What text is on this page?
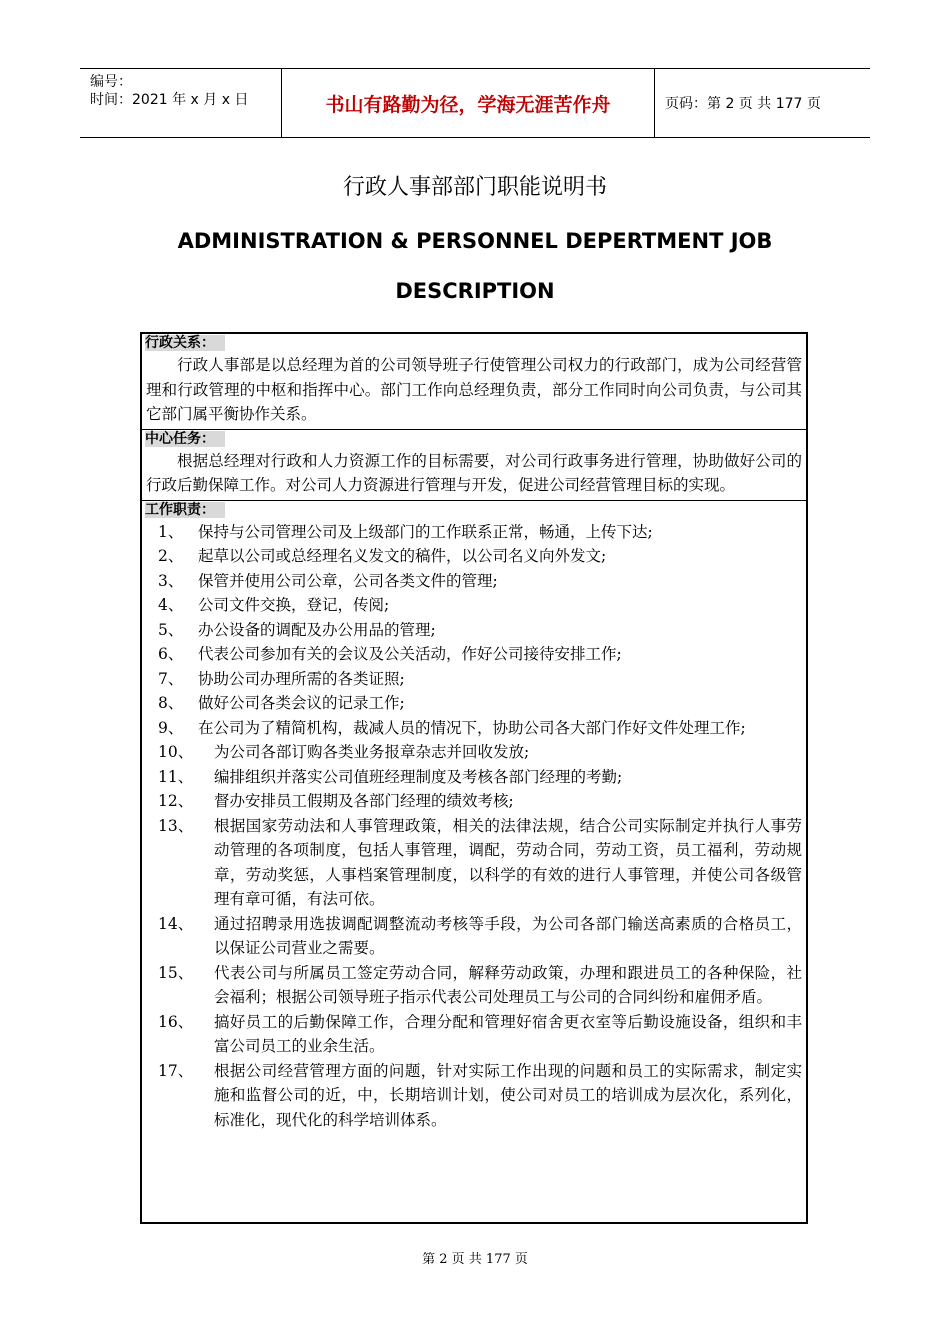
编号：
时间：2021 年 x 月 x 日	书山有路勤为径，学海无涯苦作舟	页码：第 2 页 共 177 页
行政人事部部门职能说明书
ADMINISTRATION & PERSONNEL DEPERTMENT JOB DESCRIPTION
行政关系：
行政人事部是以总经理为首的公司领导班子行使管理公司权力的行政部门，成为公司经营管理和行政管理的中枢和指挥中心。部门工作向总经理负责，部分工作同时向公司负责，与公司其它部门属平衡协作关系。
中心任务：
根据总经理对行政和人力资源工作的目标需要，对公司行政事务进行管理，协助做好公司的行政后勤保障工作。对公司人力资源进行管理与开发，促进公司经营管理目标的实现。
工作职责：
1、 保持与公司管理公司及上级部门的工作联系正常，畅通，上传下达;
2、 起草以公司或总经理名义发文的稿件，以公司名义向外发文;
3、 保管并使用公司公章，公司各类文件的管理;
4、 公司文件交换，登记，传阅;
5、 办公设备的调配及办公用品的管理;
6、 代表公司参加有关的会议及公关活动，作好公司接待安排工作;
7、 协助公司办理所需的各类证照;
8、 做好公司各类会议的记录工作;
9、 在公司为了精简机构，裁减人员的情况下，协助公司各大部门作好文件处理工作;
10、	为公司各部订购各类业务报章杂志并回收发放;
11、	编排组织并落实公司值班经理制度及考核各部门经理的考勤;
12、	督办安排员工假期及各部门经理的绩效考核;
13、	根据国家劳动法和人事管理政策，相关的法律法规，结合公司实际制定并执行人事劳动管理的各项制度，包括人事管理，调配，劳动合同，劳动工资，员工福利，劳动规章，劳动奖惩，人事档案管理制度，以科学的有效的进行人事管理，并使公司各级管理有章可循，有法可依。
14、	通过招聘录用选拔调配调整流动考核等手段，为公司各部门输送高素质的合格员工，以保证公司营业之需要。
15、	代表公司与所属员工签定劳动合同，解释劳动政策，办理和跟进员工的各种保险，社会福利；根据公司领导班子指示代表公司处理员工与公司的合同纠纷和雇佣矛盾。
16、	搞好员工的后勤保障工作，合理分配和管理好宿舍更衣室等后勤设施设备，组织和丰富公司员工的业余生活。
17、	根据公司经营管理方面的问题，针对实际工作出现的问题和员工的实际需求，制定实施和监督公司的近，中，长期培训计划，使公司对员工的培训成为层次化，系列化，标准化，现代化的科学培训体系。
第 2 页 共 177 页
